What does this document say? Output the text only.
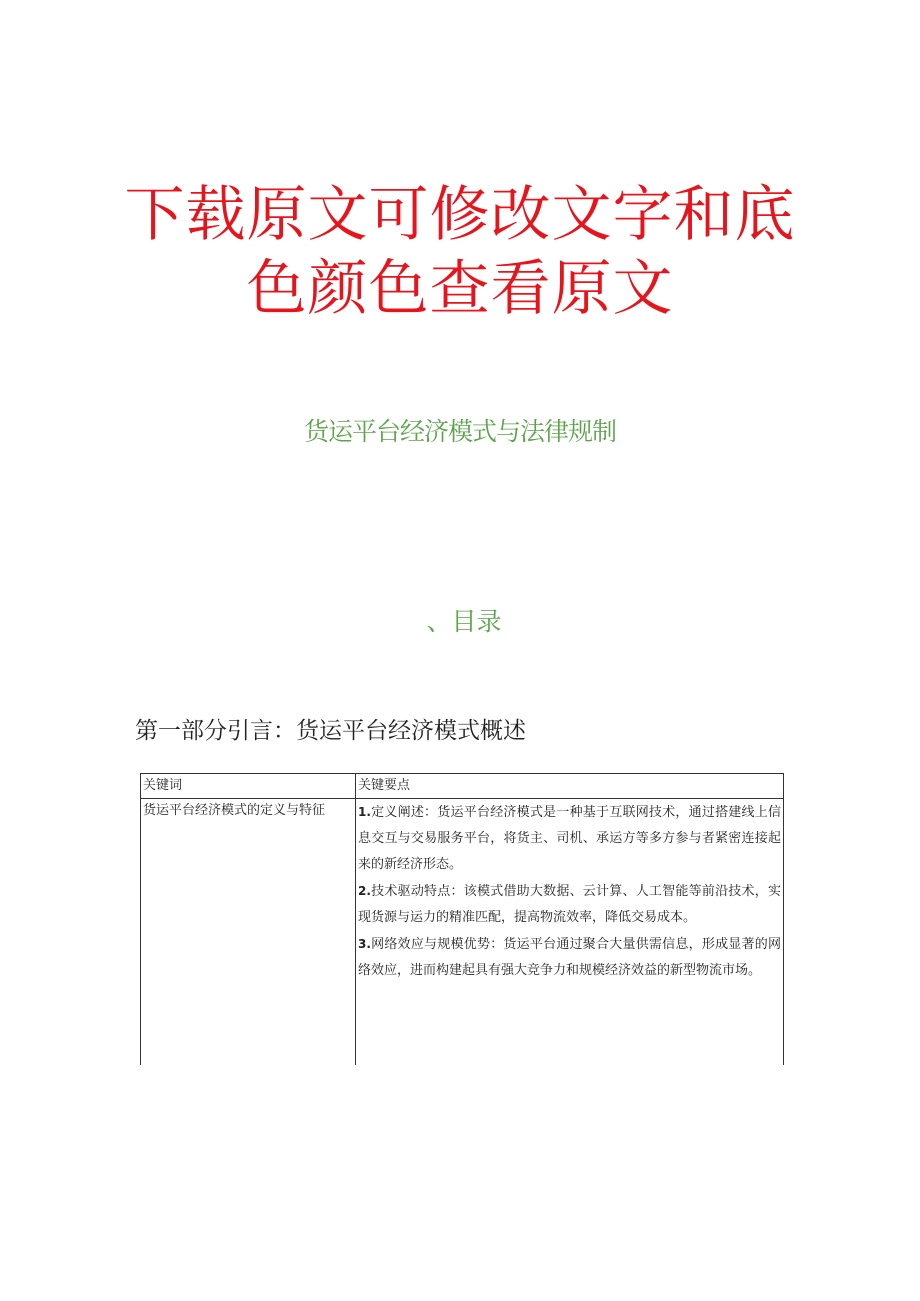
下载原文可修改文字和底
色颜色查看原文
货运平台经济模式与法律规制
、目录
第一部分引言：货运平台经济模式概述
关键词	关键要点
货运平台经济模式的定义与特征	1.定义阐述：货运平台经济模式是一种基于互联网技术，通过搭建线上信息交互与交易服务平台，将货主、司机、承运方等多方参与者紧密连接起来的新经济形态。
2.技术驱动特点：该模式借助大数据、云计算、人工智能等前沿技术，实现货源与运力的精准匹配，提高物流效率，降低交易成本。
3.网络效应与规模优势：货运平台通过聚合大量供需信息，形成显著的网络效应，进而构建起具有强大竞争力和规模经济效益的新型物流市场。
